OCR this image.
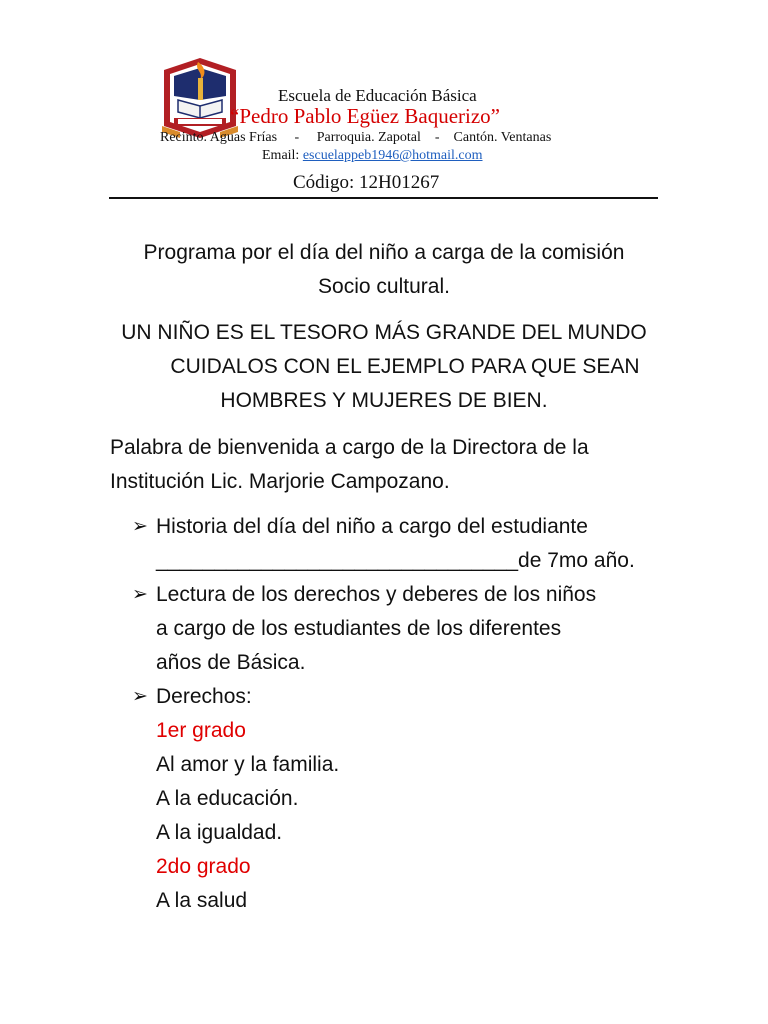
Escuela de Educación Básica
“Pedro Pablo Egüez Baquerizo”
Recinto. Aguas Frías     -     Parroquia. Zapotal    -    Cantón. Ventanas
Email: escuelappeb1946@hotmail.com
Código: 12H01267
Programa por el día del niño a carga de la comisión
Socio cultural.
UN NIÑO ES EL TESORO MÁS GRANDE DEL MUNDO
CUIDALOS CON EL EJEMPLO PARA QUE SEAN
HOMBRES Y MUJERES DE BIEN.
Palabra de bienvenida a cargo de la Directora de la
Institución Lic. Marjorie Campozano.
➢ Historia del día del niño a cargo del estudiante
_______________________________de 7mo año.
➢ Lectura de los derechos y deberes de los niños
a cargo de los estudiantes de los diferentes
años de Básica.
➢ Derechos:
1er grado
Al amor y la familia.
A la educación.
A la igualdad.
2do grado
A la salud
